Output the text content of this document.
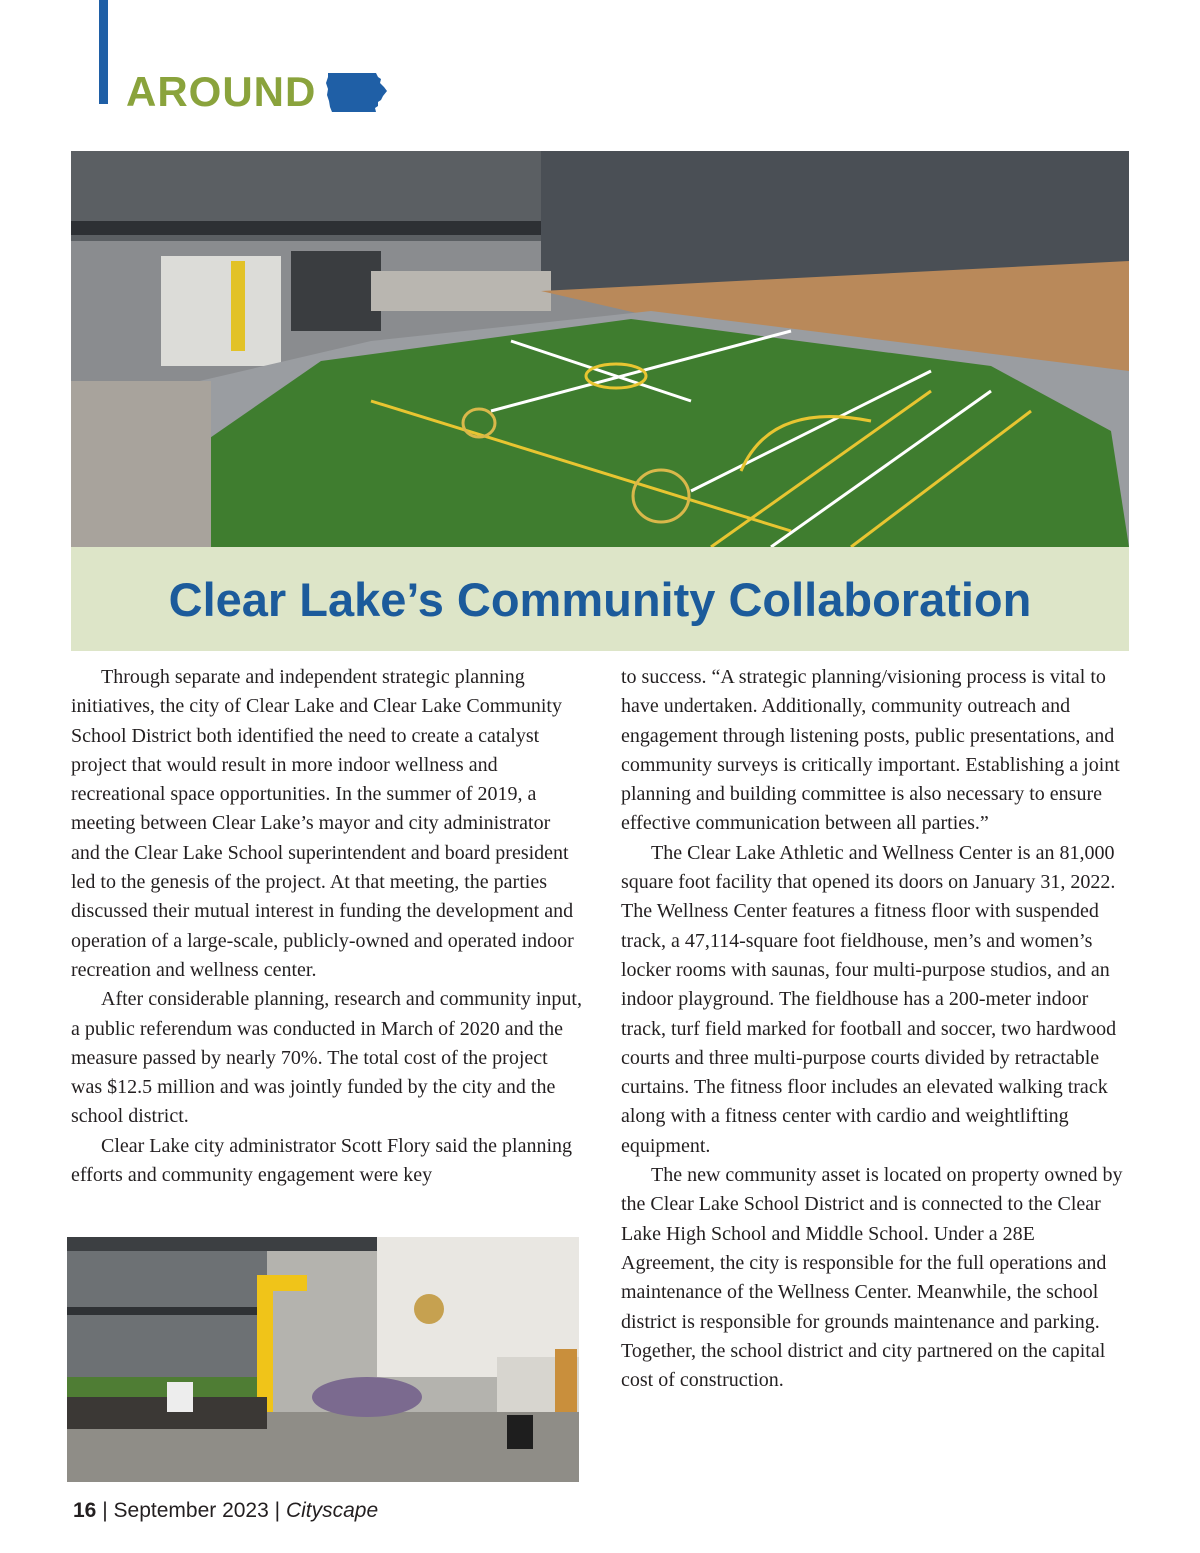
AROUND
Clear Lake’s Community Collaboration

Through separate and independent strategic planning initiatives, the city of Clear Lake and Clear Lake Community School District both identified the need to create a catalyst project that would result in more indoor wellness and recreational space opportunities. In the summer of 2019, a meeting between Clear Lake’s mayor and city administrator and the Clear Lake School superintendent and board president led to the genesis of the project. At that meeting, the parties discussed their mutual interest in funding the development and operation of a large-scale, publicly-owned and operated indoor recreation and wellness center.

After considerable planning, research and community input, a public referendum was conducted in March of 2020 and the measure passed by nearly 70%. The total cost of the project was $12.5 million and was jointly funded by the city and the school district.

Clear Lake city administrator Scott Flory said the planning efforts and community engagement were key

to success. “A strategic planning/visioning process is vital to have undertaken. Additionally, community outreach and engagement through listening posts, public presentations, and community surveys is critically important. Establishing a joint planning and building committee is also necessary to ensure effective communication between all parties.”

The Clear Lake Athletic and Wellness Center is an 81,000 square foot facility that opened its doors on January 31, 2022. The Wellness Center features a fitness floor with suspended track, a 47,114-square foot fieldhouse, men’s and women’s locker rooms with saunas, four multi-purpose studios, and an indoor playground. The fieldhouse has a 200-meter indoor track, turf field marked for football and soccer, two hardwood courts and three multi-purpose courts divided by retractable curtains. The fitness floor includes an elevated walking track along with a fitness center with cardio and weightlifting equipment.

The new community asset is located on property owned by the Clear Lake School District and is connected to the Clear Lake High School and Middle School. Under a 28E Agreement, the city is responsible for the full operations and maintenance of the Wellness Center. Meanwhile, the school district is responsible for grounds maintenance and parking. Together, the school district and city partnered on the capital cost of construction.

16 | September 2023 | Cityscape
